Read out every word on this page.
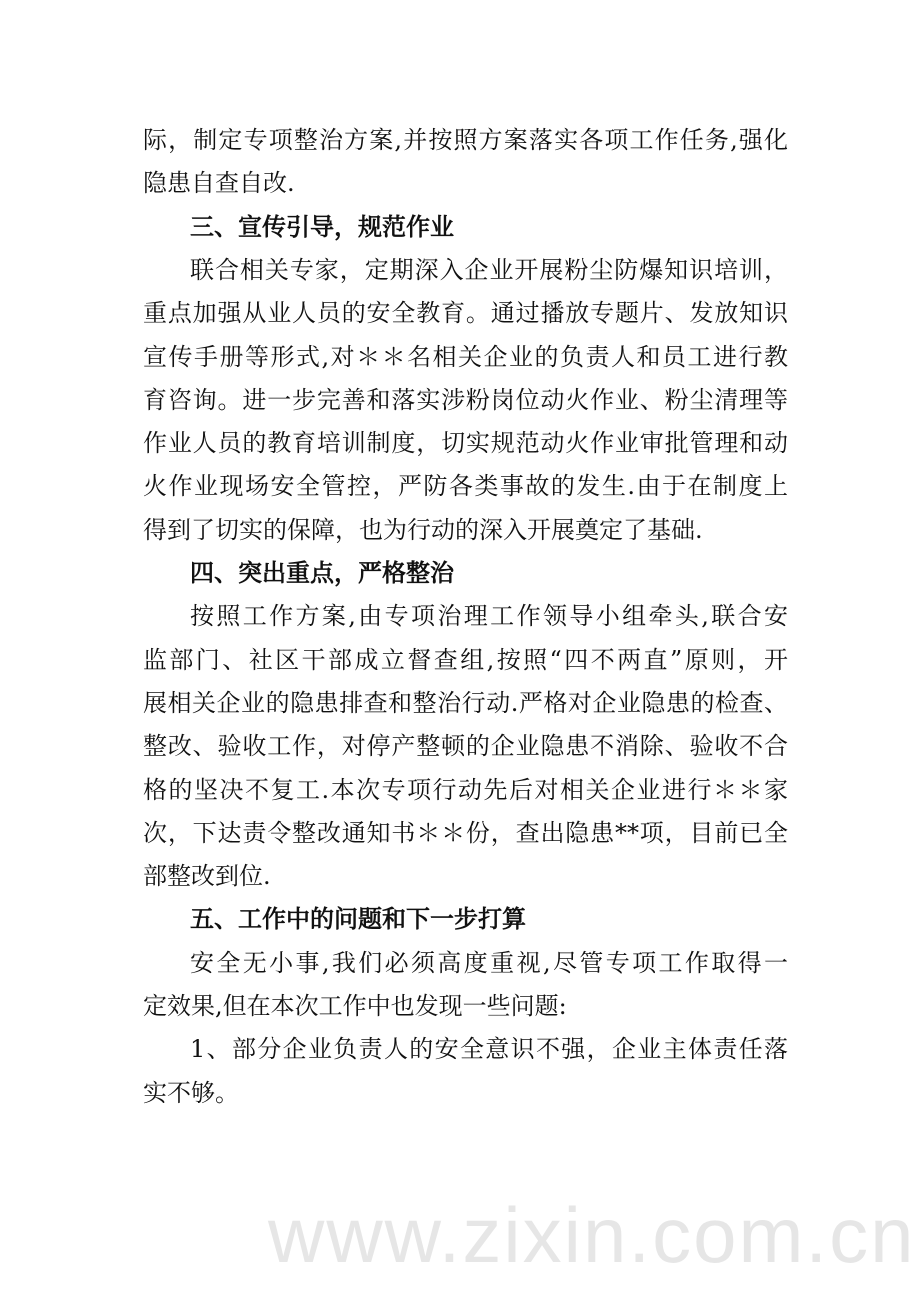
际，制定专项整治方案,并按照方案落实各项工作任务,强化
隐患自查自改.
三、宣传引导，规范作业
联合相关专家，定期深入企业开展粉尘防爆知识培训，
重点加强从业人员的安全教育。通过播放专题片、发放知识
宣传手册等形式,对＊＊名相关企业的负责人和员工进行教
育咨询。进一步完善和落实涉粉岗位动火作业、粉尘清理等
作业人员的教育培训制度，切实规范动火作业审批管理和动
火作业现场安全管控，严防各类事故的发生.由于在制度上
得到了切实的保障，也为行动的深入开展奠定了基础.
四、突出重点，严格整治
按照工作方案,由专项治理工作领导小组牵头,联合安
监部门、社区干部成立督查组,按照“四不两直”原则，开
展相关企业的隐患排查和整治行动.严格对企业隐患的检查、
整改、验收工作，对停产整顿的企业隐患不消除、验收不合
格的坚决不复工.本次专项行动先后对相关企业进行＊＊家
次，下达责令整改通知书＊＊份，查出隐患**项，目前已全
部整改到位.
五、工作中的问题和下一步打算
安全无小事,我们必须高度重视,尽管专项工作取得一
定效果,但在本次工作中也发现一些问题:
1、部分企业负责人的安全意识不强，企业主体责任落
实不够。
www.zixin.com.cn
